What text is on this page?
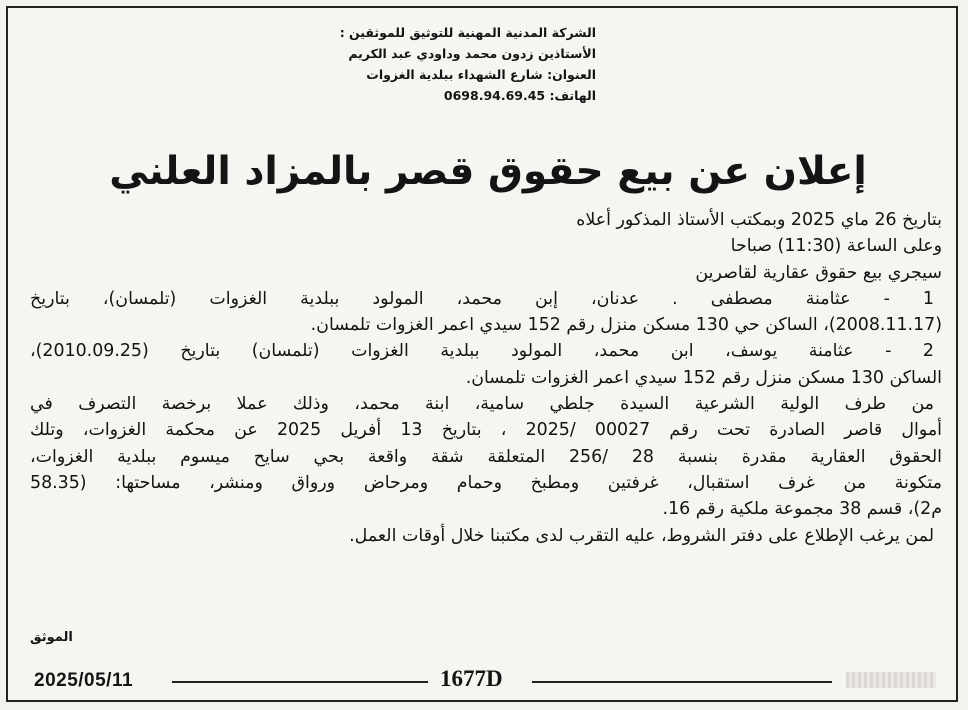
الشركة المدنية المهنية للتوثيق للموثقين :
الأستاذين زدون محمد وداودي عبد الكريم
العنوان: شارع الشهداء ببلدية الغزوات
الهاتف: 0698.94.69.45
إعلان عن بيع حقوق قصر بالمزاد العلني
بتاريخ 26 ماي 2025 وبمكتب الأستاذ المذكور أعلاه
وعلى الساعة (11:30) صباحا
سيجري بيع حقوق عقارية لقاصرين
1 - عثامنة مصطفى . عدنان، إبن محمد، المولود ببلدية الغزوات (تلمسان)، بتاريخ
(2008.11.17)، الساكن حي 130 مسكن منزل رقم 152 سيدي اعمر الغزوات تلمسان.
2 - عثامنة يوسف، ابن محمد، المولود ببلدية الغزوات (تلمسان) بتاريخ (2010.09.25)،
الساكن 130 مسكن منزل رقم 152 سيدي اعمر الغزوات تلمسان.
من طرف الولية الشرعية السيدة جلطي سامية، ابنة محمد، وذلك عملا برخصة التصرف في
أموال قاصر الصادرة تحت رقم 00027 /2025 ، بتاريخ 13 أفريل 2025 عن محكمة الغزوات، وتلك
الحقوق العقارية مقدرة بنسبة 28 /256 المتعلقة شقة واقعة بحي سايح ميسوم ببلدية الغزوات،
متكونة من غرف استقبال، غرفتين ومطبخ وحمام ومرحاض ورواق ومنشر، مساحتها: (58.35
م2)، قسم 38 مجموعة ملكية رقم 16.
لمن يرغب الإطلاع على دفتر الشروط، عليه التقرب لدى مكتبنا خلال أوقات العمل.
الموثق
2025/05/11	1677D
